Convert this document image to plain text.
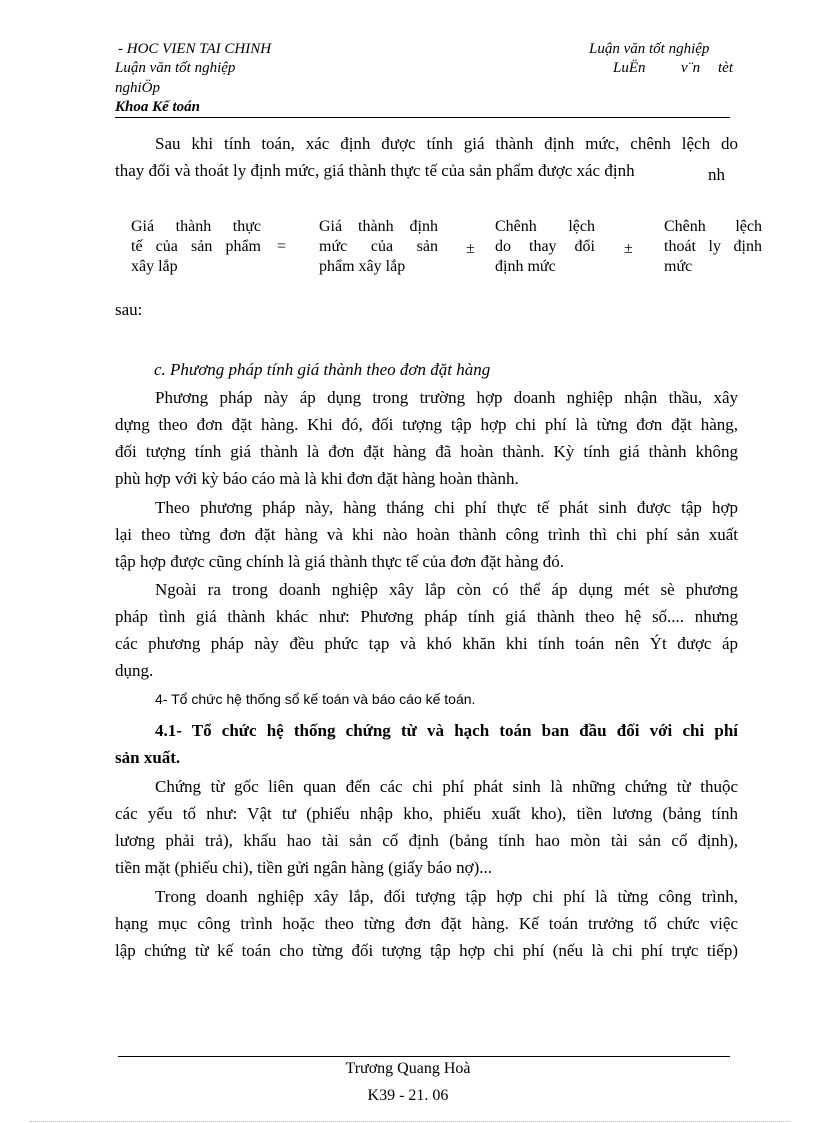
- HOC VIEN TAI CHINH	Luận văn tốt nghiệp
Luận văn tốt nghiệp	LuËn v¨n tèt
nghiÖp
Khoa Kế toán
Sau khi tính toán, xác định được tính giá thành định mức, chênh lệch do
thay đổi và thoát ly định mức, giá thành thực tế của sản phẩm được xác định	nh
Giá thành thực
tế của sản phẩm
xây lắp
=
Giá thành định
mức của sản
phẩm xây lắp
±
Chênh lệch
do thay đổi
định mức
±
Chênh lệch
thoát ly định
mức
sau:
c. Phương pháp tính giá thành theo đơn đặt hàng
Phương pháp này áp dụng trong trường hợp doanh nghiệp nhận thầu, xây
dựng theo đơn đặt hàng. Khi đó, đối tượng tập hợp chi phí là từng đơn đặt hàng,
đối tượng tính giá thành là đơn đặt hàng đã hoàn thành. Kỳ tính giá thành không
phù hợp với kỳ báo cáo mà là khi đơn đặt hàng hoàn thành.
Theo phương pháp này, hàng tháng chi phí thực tế phát sinh được tập hợp
lại theo từng đơn đặt hàng và khi nào hoàn thành công trình thì chi phí sản xuất
tập hợp được cũng chính là giá thành thực tế của đơn đặt hàng đó.
Ngoài ra trong doanh nghiệp xây lắp còn có thể áp dụng mét sè phương
pháp tình giá thành khác như: Phương pháp tính giá thành theo hệ số.... nhưng
các phương pháp này đều phức tạp và khó khăn khi tính toán nên Ýt được áp
dụng.
4- Tổ chức hệ thống sổ kế toán và báo cáo kế toán.
4.1- Tổ chức hệ thống chứng từ và hạch toán ban đầu đối với chi phí
sản xuất.
Chứng từ gốc liên quan đến các chi phí phát sinh là những chứng từ thuộc
các yếu tố như: Vật tư (phiếu nhập kho, phiếu xuất kho), tiền lương (bảng tính
lương phải trả), khấu hao tài sản cố định (bảng tính hao mòn tài sản cố định),
tiền mặt (phiếu chi), tiền gửi ngân hàng (giấy báo nợ)...
Trong doanh nghiệp xây lắp, đối tượng tập hợp chi phí là từng công trình,
hạng mục công trình hoặc theo từng đơn đặt hàng. Kế toán trưởng tổ chức việc
lập chứng từ kế toán cho từng đối tượng tập hợp chi phí (nếu là chi phí trực tiếp)
Trương Quang Hoà
K39 - 21. 06
